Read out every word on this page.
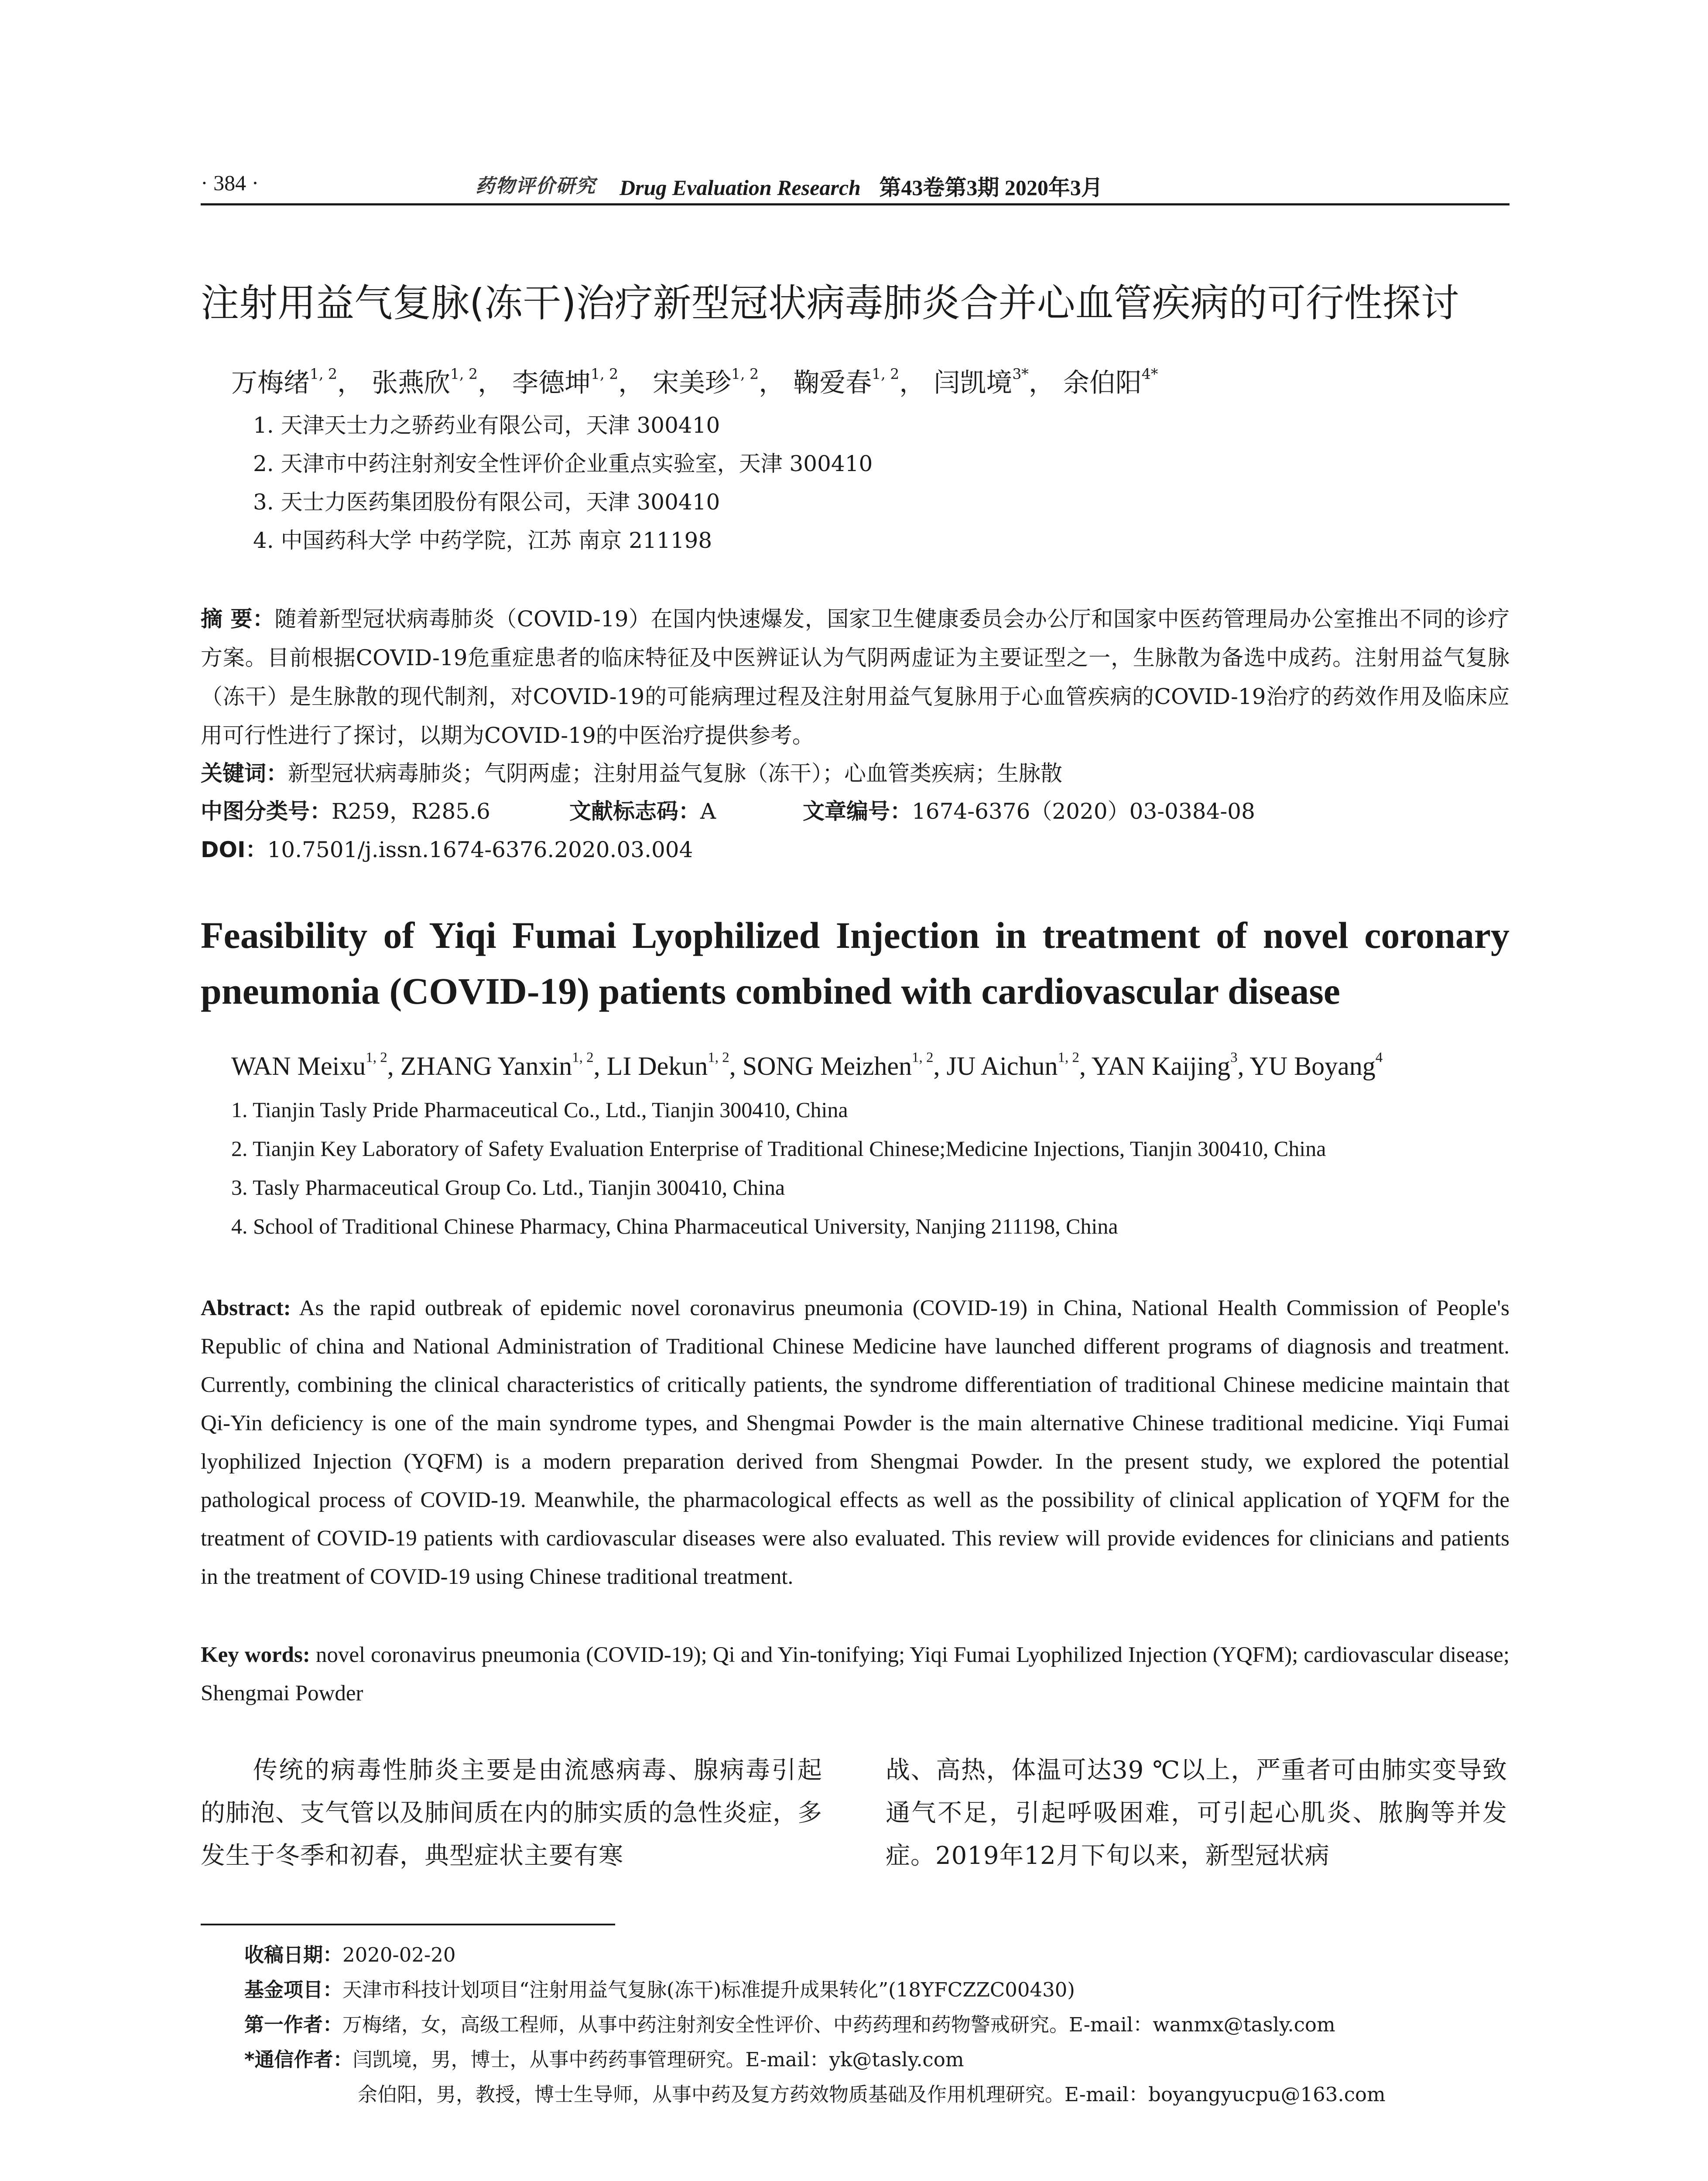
· 384 ·	药物评价研究 Drug Evaluation Research 第43卷第3期 2020年3月
注射用益气复脉(冻干)治疗新型冠状病毒肺炎合并心血管疾病的可行性探讨
万梅绪$^{1, 2}$， 张燕欣$^{1, 2}$， 李德坤$^{1, 2}$， 宋美珍$^{1, 2}$， 鞠爱春$^{1, 2}$， 闫凯境$^{3*}$， 余伯阳$^{4*}$
1. 天津天士力之骄药业有限公司，天津 300410
2. 天津市中药注射剂安全性评价企业重点实验室，天津 300410
3. 天士力医药集团股份有限公司，天津 300410
4. 中国药科大学 中药学院，江苏 南京 211198
摘 要：随着新型冠状病毒肺炎（COVID-19）在国内快速爆发，国家卫生健康委员会办公厅和国家中医药管理局办公室推出不同的诊疗方案。目前根据COVID-19危重症患者的临床特征及中医辨证认为气阴两虚证为主要证型之一，生脉散为备选中成药。注射用益气复脉（冻干）是生脉散的现代制剂，对COVID-19的可能病理过程及注射用益气复脉用于心血管疾病的COVID-19治疗的药效作用及临床应用可行性进行了探讨，以期为COVID-19的中医治疗提供参考。
关键词：新型冠状病毒肺炎；气阴两虚；注射用益气复脉（冻干）；心血管类疾病；生脉散
中图分类号：R259，R285.6	文献标志码：A	文章编号：1674-6376（2020）03-0384-08
DOI：10.7501/j.issn.1674-6376.2020.03.004
Feasibility of Yiqi Fumai Lyophilized Injection in treatment of novel coronary pneumonia (COVID-19) patients combined with cardiovascular disease
WAN Meixu$^{1, 2}$, ZHANG Yanxin$^{1, 2}$, LI Dekun$^{1, 2}$, SONG Meizhen$^{1, 2}$, JU Aichun$^{1, 2}$, YAN Kaijing$^3$, YU Boyang$^4$
1. Tianjin Tasly Pride Pharmaceutical Co., Ltd., Tianjin 300410, China
2. Tianjin Key Laboratory of Safety Evaluation Enterprise of Traditional Chinese;Medicine Injections, Tianjin 300410, China
3. Tasly Pharmaceutical Group Co. Ltd., Tianjin 300410, China
4. School of Traditional Chinese Pharmacy, China Pharmaceutical University, Nanjing 211198, China
Abstract: As the rapid outbreak of epidemic novel coronavirus pneumonia (COVID-19) in China, National Health Commission of People's Republic of china and National Administration of Traditional Chinese Medicine have launched different programs of diagnosis and treatment. Currently, combining the clinical characteristics of critically patients, the syndrome differentiation of traditional Chinese medicine maintain that Qi-Yin deficiency is one of the main syndrome types, and Shengmai Powder is the main alternative Chinese traditional medicine. Yiqi Fumai lyophilized Injection (YQFM) is a modern preparation derived from Shengmai Powder. In the present study, we explored the potential pathological process of COVID-19. Meanwhile, the pharmacological effects as well as the possibility of clinical application of YQFM for the treatment of COVID-19 patients with cardiovascular diseases were also evaluated. This review will provide evidences for clinicians and patients in the treatment of COVID-19 using Chinese traditional treatment.
Key words: novel coronavirus pneumonia (COVID-19); Qi and Yin-tonifying; Yiqi Fumai Lyophilized Injection (YQFM); cardiovascular disease; Shengmai Powder
传统的病毒性肺炎主要是由流感病毒、腺病毒引起的肺泡、支气管以及肺间质在内的肺实质的急性炎症，多发生于冬季和初春，典型症状主要有寒
战、高热，体温可达39 ℃以上，严重者可由肺实变导致通气不足，引起呼吸困难，可引起心肌炎、脓胸等并发症。2019年12月下旬以来，新型冠状病
收稿日期：2020-02-20
基金项目：天津市科技计划项目“注射用益气复脉(冻干)标准提升成果转化”(18YFCZZC00430)
第一作者：万梅绪，女，高级工程师，从事中药注射剂安全性评价、中药药理和药物警戒研究。E-mail：wanmx@tasly.com
*通信作者：闫凯境，男，博士，从事中药药事管理研究。E-mail：yk@tasly.com
余伯阳，男，教授，博士生导师，从事中药及复方药效物质基础及作用机理研究。E-mail：boyangyucpu@163.com
